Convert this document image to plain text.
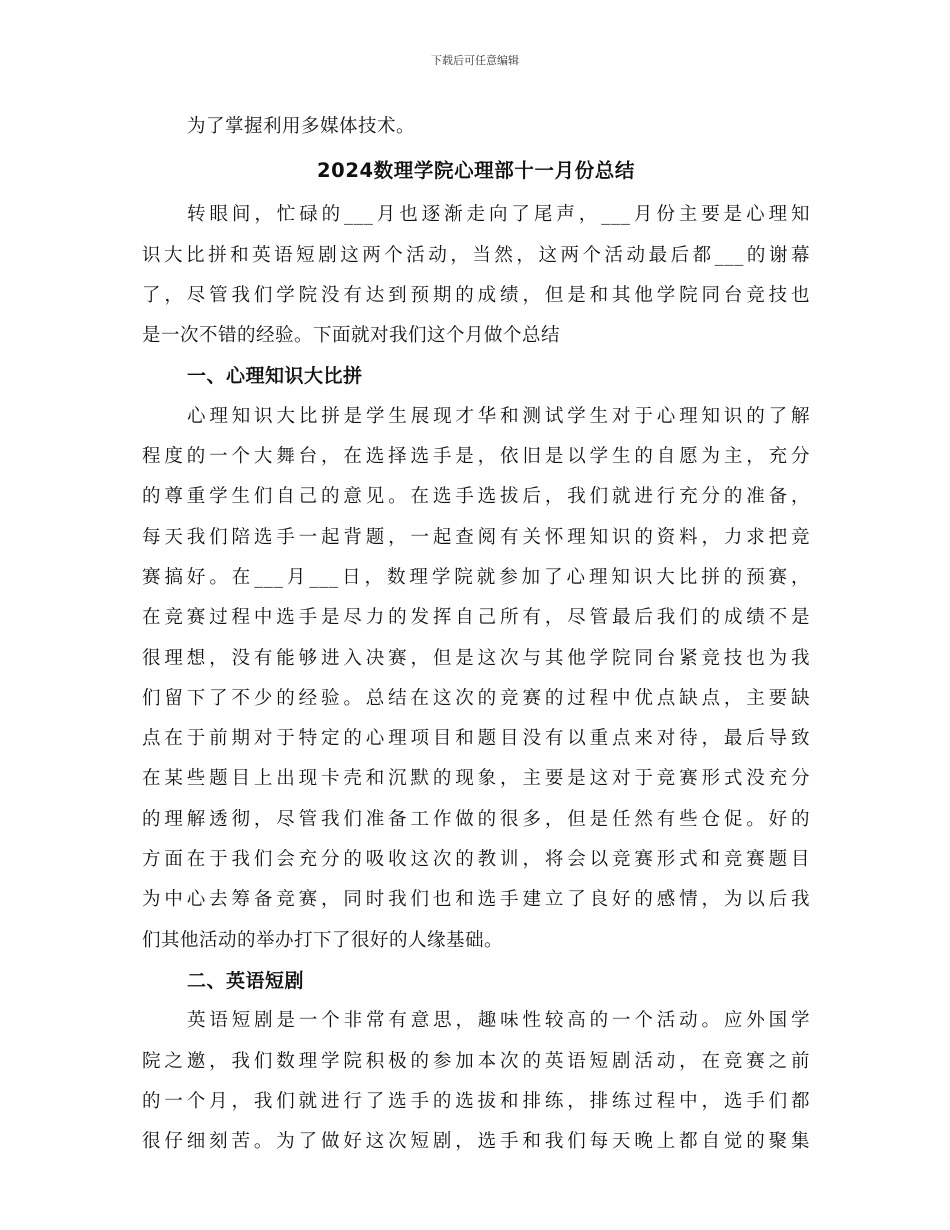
下载后可任意编辑
为了掌握利用多媒体技术。
2024数理学院心理部十一月份总结
转眼间，忙碌的___月也逐渐走向了尾声，___月份主要是心理知
识大比拼和英语短剧这两个活动，当然，这两个活动最后都___的谢幕
了，尽管我们学院没有达到预期的成绩，但是和其他学院同台竞技也
是一次不错的经验。下面就对我们这个月做个总结
一、心理知识大比拼
心理知识大比拼是学生展现才华和测试学生对于心理知识的了解
程度的一个大舞台，在选择选手是，依旧是以学生的自愿为主，充分
的尊重学生们自己的意见。在选手选拔后，我们就进行充分的准备，
每天我们陪选手一起背题，一起查阅有关怀理知识的资料，力求把竞
赛搞好。在___月___日，数理学院就参加了心理知识大比拼的预赛，
在竞赛过程中选手是尽力的发挥自己所有，尽管最后我们的成绩不是
很理想，没有能够进入决赛，但是这次与其他学院同台紧竞技也为我
们留下了不少的经验。总结在这次的竞赛的过程中优点缺点，主要缺
点在于前期对于特定的心理项目和题目没有以重点来对待，最后导致
在某些题目上出现卡壳和沉默的现象，主要是这对于竞赛形式没充分
的理解透彻，尽管我们准备工作做的很多，但是任然有些仓促。好的
方面在于我们会充分的吸收这次的教训，将会以竞赛形式和竞赛题目
为中心去筹备竞赛，同时我们也和选手建立了良好的感情，为以后我
们其他活动的举办打下了很好的人缘基础。
二、英语短剧
英语短剧是一个非常有意思，趣味性较高的一个活动。应外国学
院之邀，我们数理学院积极的参加本次的英语短剧活动，在竞赛之前
的一个月，我们就进行了选手的选拔和排练，排练过程中，选手们都
很仔细刻苦。为了做好这次短剧，选手和我们每天晚上都自觉的聚集
